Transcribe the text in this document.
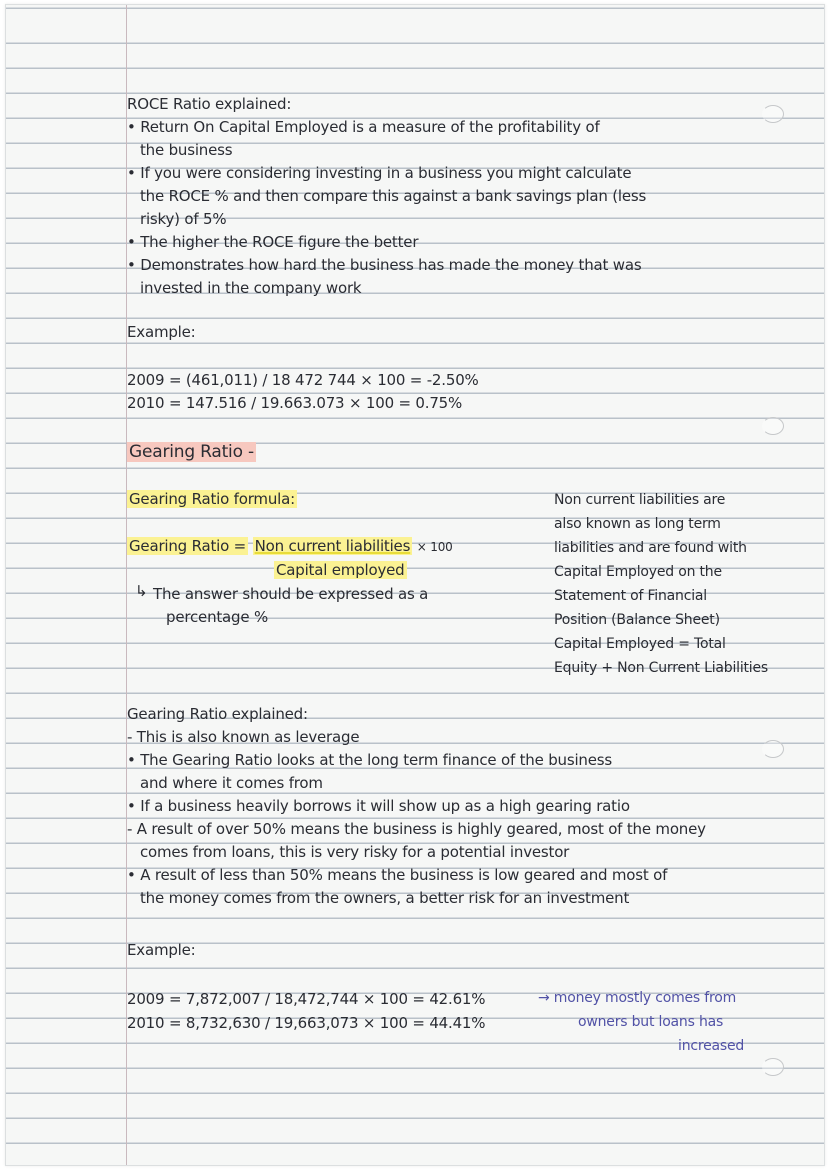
ROCE Ratio explained:
• Return On Capital Employed is a measure of the profitability of
the business
• If you were considering investing in a business you might calculate
the ROCE % and then compare this against a bank savings plan (less
risky) of 5%
• The higher the ROCE figure the better
• Demonstrates how hard the business has made the money that was
invested in the company work
Example:
2009 = (461,011) / 18 472 744 × 100 = -2.50%
2010 = 147.516 / 19.663.073 × 100 = 0.75%
Gearing Ratio -
Gearing Ratio formula:
Gearing Ratio = Non current liabilities × 100
Capital employed
↳ The answer should be expressed as a
percentage %
Non current liabilities are
also known as long term
liabilities and are found with
Capital Employed on the
Statement of Financial
Position (Balance Sheet)
Capital Employed = Total
Equity + Non Current Liabilities
Gearing Ratio explained:
- This is also known as leverage
• The Gearing Ratio looks at the long term finance of the business
and where it comes from
• If a business heavily borrows it will show up as a high gearing ratio
- A result of over 50% means the business is highly geared, most of the money
comes from loans, this is very risky for a potential investor
• A result of less than 50% means the business is low geared and most of
the money comes from the owners, a better risk for an investment
Example:
2009 = 7,872,007 / 18,472,744 × 100 = 42.61%
2010 = 8,732,630 / 19,663,073 × 100 = 44.41%
→ money mostly comes from
owners but loans has
increased
